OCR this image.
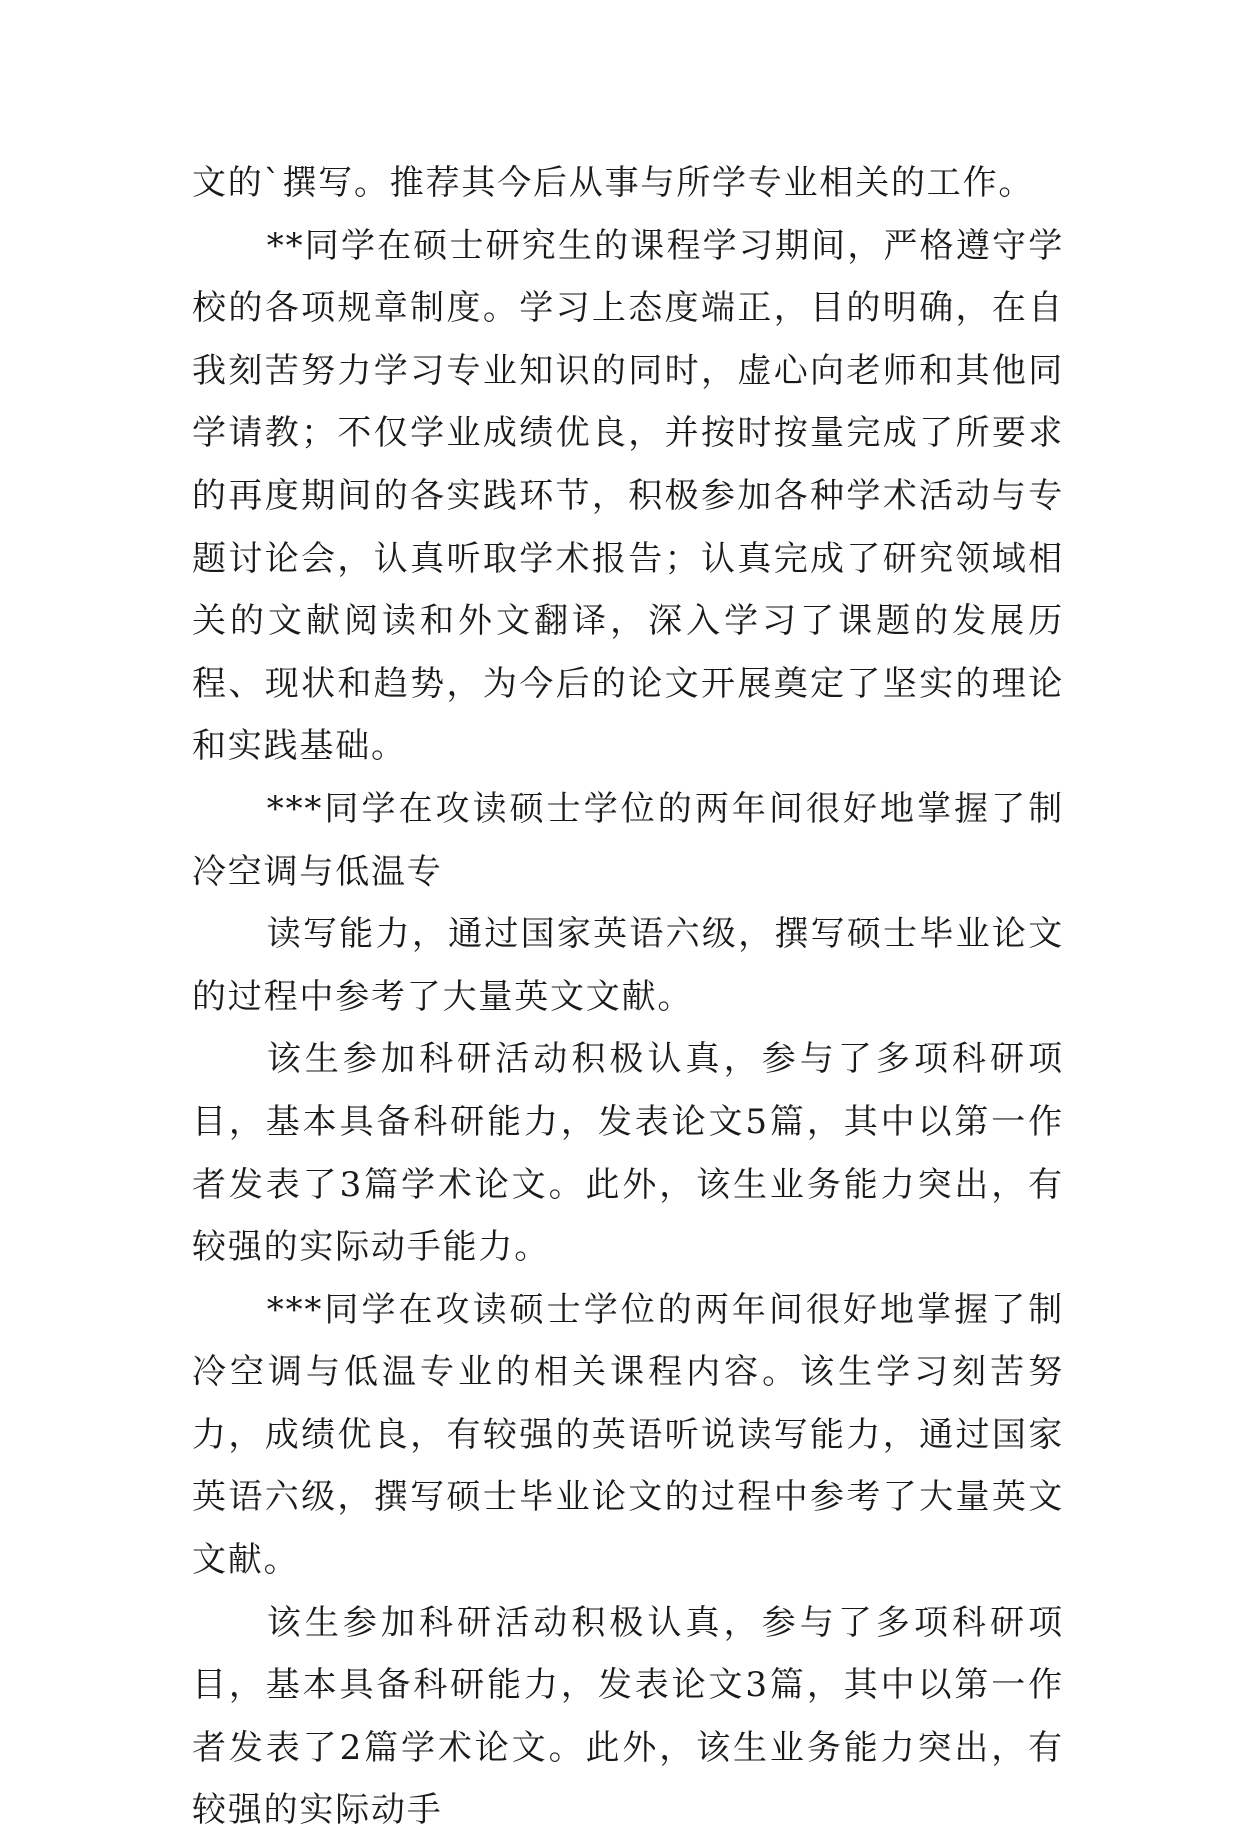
文的`撰写。推荐其今后从事与所学专业相关的工作。

**同学在硕士研究生的课程学习期间，严格遵守学校的各项规章制度。学习上态度端正，目的明确，在自我刻苦努力学习专业知识的同时，虚心向老师和其他同学请教；不仅学业成绩优良，并按时按量完成了所要求的再度期间的各实践环节，积极参加各种学术活动与专题讨论会，认真听取学术报告；认真完成了研究领域相关的文献阅读和外文翻译，深入学习了课题的发展历程、现状和趋势，为今后的论文开展奠定了坚实的理论和实践基础。

***同学在攻读硕士学位的两年间很好地掌握了制冷空调与低温专

读写能力，通过国家英语六级，撰写硕士毕业论文的过程中参考了大量英文文献。

该生参加科研活动积极认真，参与了多项科研项目，基本具备科研能力，发表论文5篇，其中以第一作者发表了3篇学术论文。此外，该生业务能力突出，有较强的实际动手能力。

***同学在攻读硕士学位的两年间很好地掌握了制冷空调与低温专业的相关课程内容。该生学习刻苦努力，成绩优良，有较强的英语听说读写能力，通过国家英语六级，撰写硕士毕业论文的过程中参考了大量英文文献。

该生参加科研活动积极认真，参与了多项科研项目，基本具备科研能力，发表论文3篇，其中以第一作者发表了2篇学术论文。此外，该生业务能力突出，有较强的实际动手
